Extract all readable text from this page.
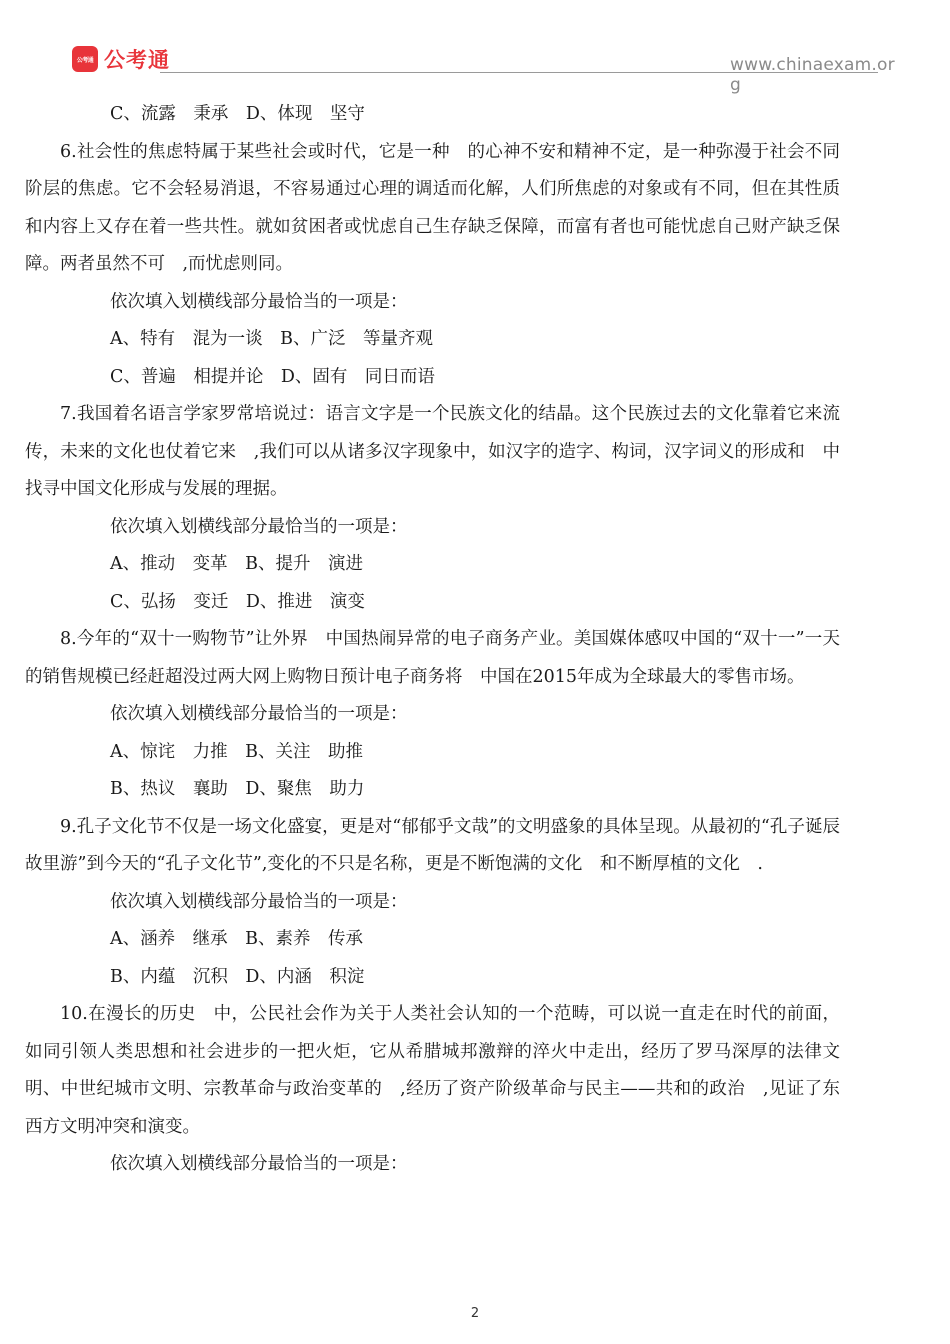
公考通 公考通	www.chinaexam.org
C、流露　秉承　D、体现　坚守
6.社会性的焦虑特属于某些社会或时代，它是一种　的心神不安和精神不定，是一种弥漫于社会不同阶层的焦虑。它不会轻易消退，不容易通过心理的调适而化解，人们所焦虑的对象或有不同，但在其性质和内容上又存在着一些共性。就如贫困者或忧虑自己生存缺乏保障，而富有者也可能忧虑自己财产缺乏保障。两者虽然不可　,而忧虑则同。
依次填入划横线部分最恰当的一项是：
A、特有　混为一谈　B、广泛　等量齐观
C、普遍　相提并论　D、固有　同日而语
7.我国着名语言学家罗常培说过：语言文字是一个民族文化的结晶。这个民族过去的文化靠着它来流传，未来的文化也仗着它来　,我们可以从诸多汉字现象中，如汉字的造字、构词，汉字词义的形成和　中找寻中国文化形成与发展的理据。
依次填入划横线部分最恰当的一项是：
A、推动　变革　B、提升　演进
C、弘扬　变迁　D、推进　演变
8.今年的“双十一购物节”让外界　中国热闹异常的电子商务产业。美国媒体感叹中国的“双十一”一天的销售规模已经赶超没过两大网上购物日预计电子商务将　中国在2015年成为全球最大的零售市场。
依次填入划横线部分最恰当的一项是：
A、惊诧　力推　B、关注　助推
B、热议　襄助　D、聚焦　助力
9.孔子文化节不仅是一场文化盛宴，更是对“郁郁乎文哉”的文明盛象的具体呈现。从最初的“孔子诞辰故里游”到今天的“孔子文化节”,变化的不只是名称，更是不断饱满的文化　和不断厚植的文化　.
依次填入划横线部分最恰当的一项是：
A、涵养　继承　B、素养　传承
B、内蕴　沉积　D、内涵　积淀
10.在漫长的历史　中，公民社会作为关于人类社会认知的一个范畴，可以说一直走在时代的前面，如同引领人类思想和社会进步的一把火炬，它从希腊城邦激辩的淬火中走出，经历了罗马深厚的法律文明、中世纪城市文明、宗教革命与政治变革的　,经历了资产阶级革命与民主——共和的政治　,见证了东西方文明冲突和演变。
依次填入划横线部分最恰当的一项是：
2
